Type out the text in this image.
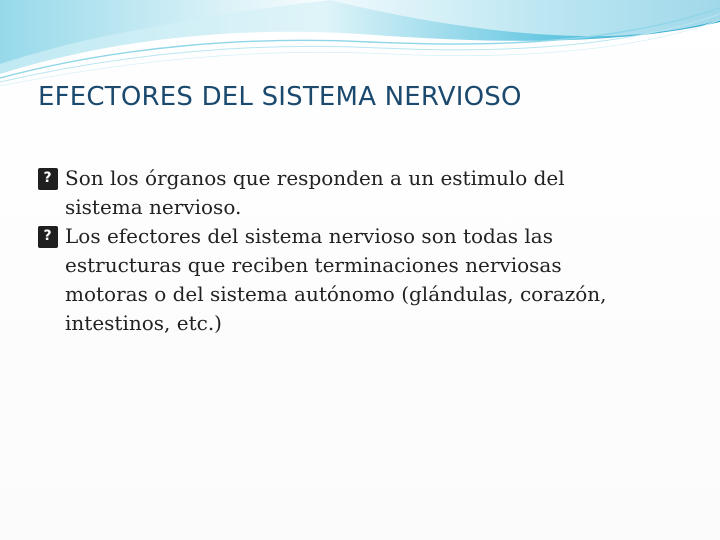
EFECTORES DEL SISTEMA NERVIOSO
?
Son los órganos que responden a un estimulo del sistema nervioso.
?
Los efectores del sistema nervioso son todas las estructuras que reciben terminaciones nerviosas motoras o del sistema autónomo (glándulas, corazón, intestinos, etc.)
